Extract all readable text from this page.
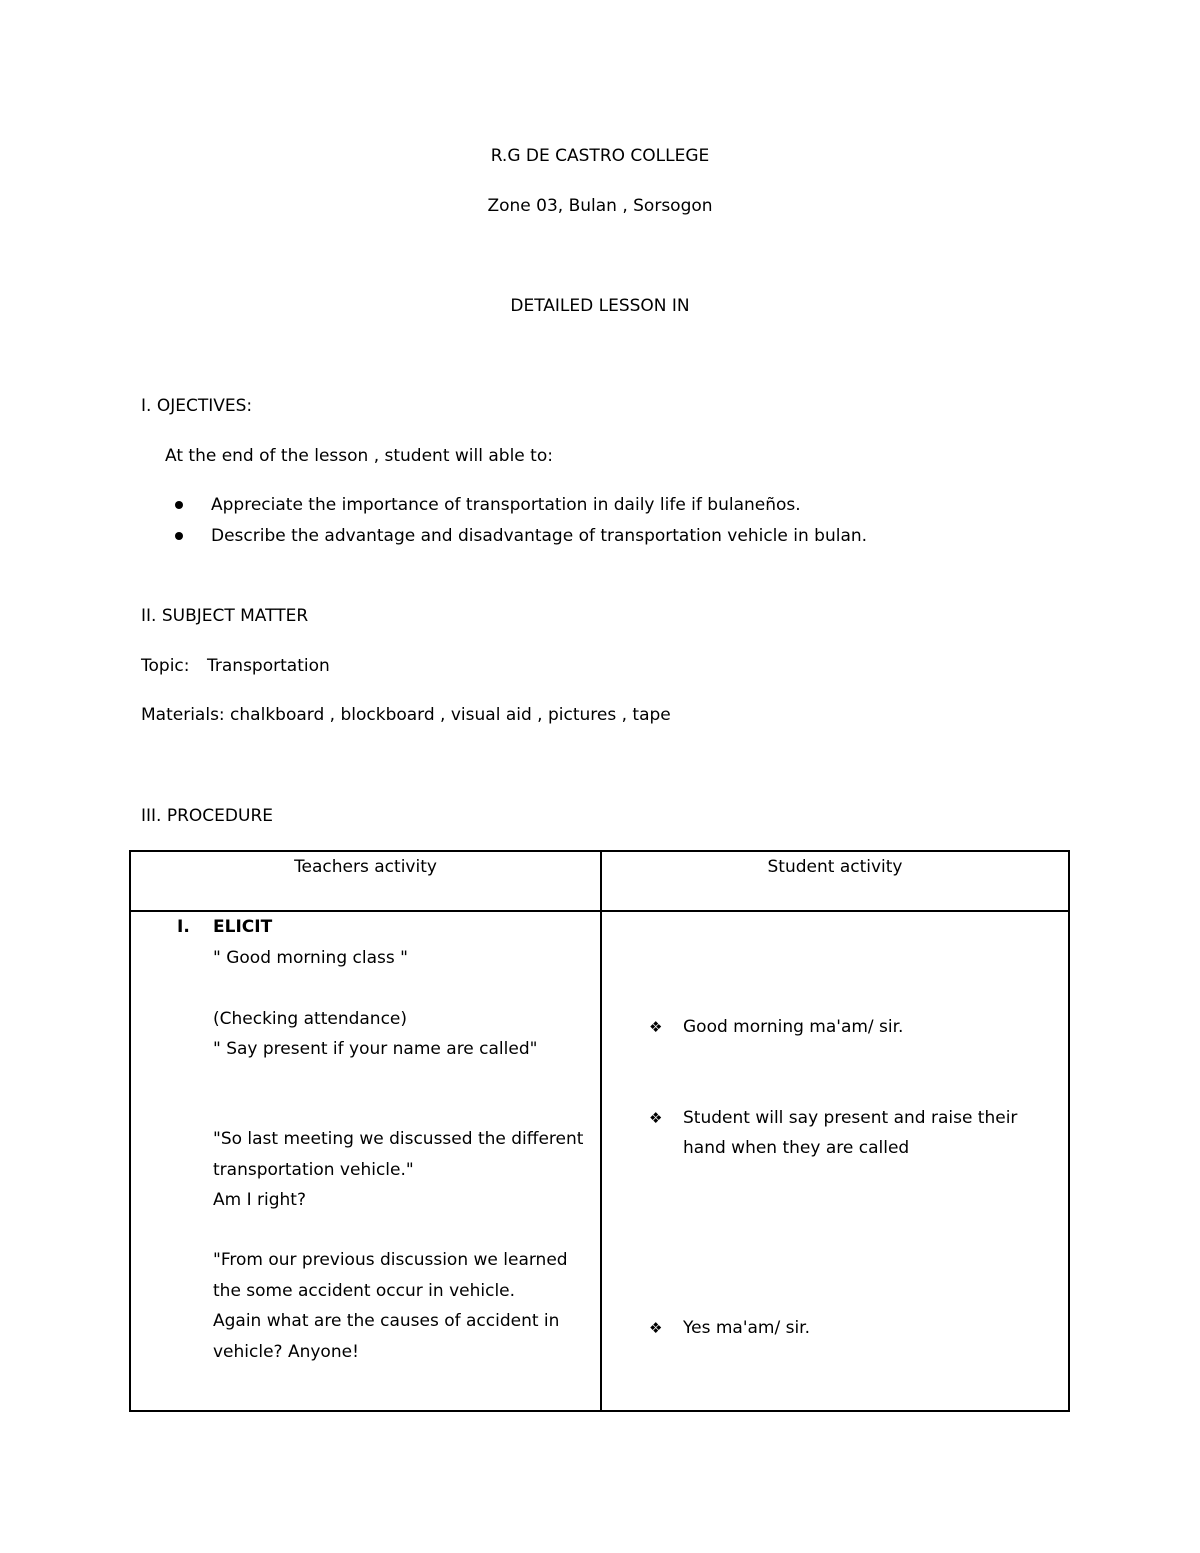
R.G DE CASTRO COLLEGE
Zone 03, Bulan , Sorsogon
DETAILED LESSON IN
I. OJECTIVES:
At the end of the lesson , student will able to:
Appreciate the importance of transportation in daily life if bulaneños.
Describe the advantage and disadvantage of transportation vehicle in bulan.
II. SUBJECT MATTER
Topic: Transportation
Materials: chalkboard , blockboard , visual aid , pictures , tape
III. PROCEDURE
Teachers activity	Student activity
I. ELICIT
" Good morning class "
(Checking attendance)
" Say present if your name are called"
"So last meeting we discussed the different
transportation vehicle."
Am I right?
"From our previous discussion we learned
the some accident occur in vehicle.
Again what are the causes of accident in
vehicle? Anyone!
❖ Good morning ma'am/ sir.
❖ Student will say present and raise their
hand when they are called
❖ Yes ma'am/ sir.
